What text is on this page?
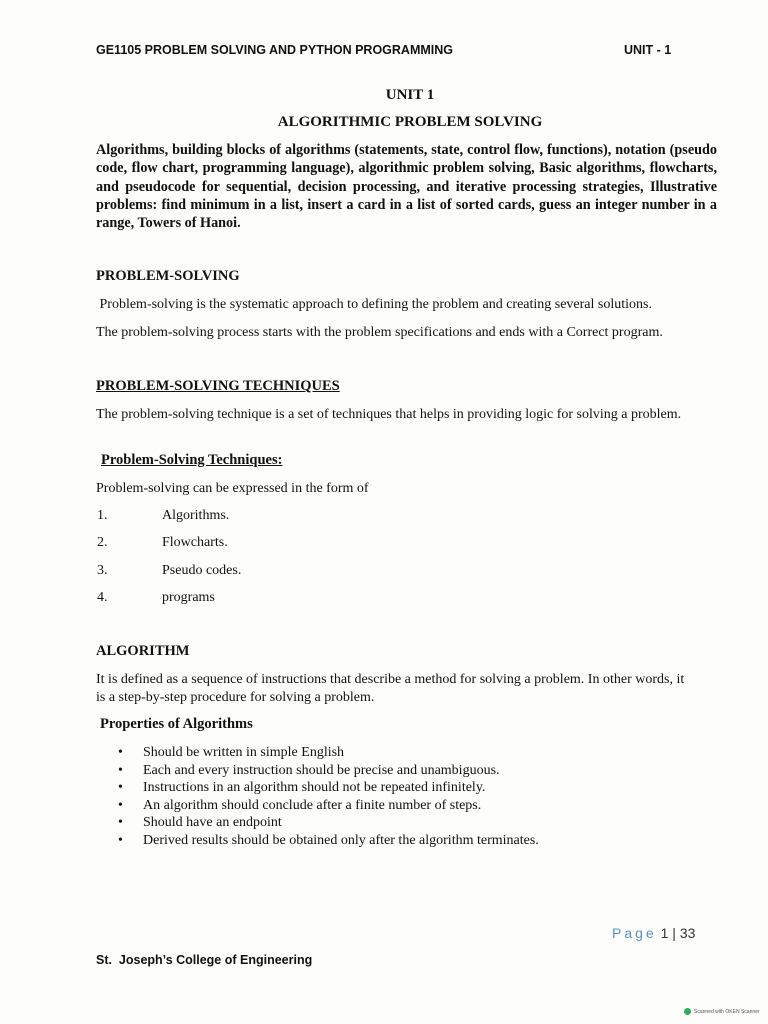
GE1105 PROBLEM SOLVING AND PYTHON PROGRAMMING	UNIT - 1
UNIT 1
ALGORITHMIC PROBLEM SOLVING
Algorithms, building blocks of algorithms (statements, state, control flow, functions), notation (pseudo code, flow chart, programming language), algorithmic problem solving, Basic algorithms, flowcharts, and pseudocode for sequential, decision processing, and iterative processing strategies, Illustrative problems: find minimum in a list, insert a card in a list of sorted cards, guess an integer number in a range, Towers of Hanoi.
PROBLEM-SOLVING
Problem-solving is the systematic approach to defining the problem and creating several solutions.
The problem-solving process starts with the problem specifications and ends with a Correct program.
PROBLEM-SOLVING TECHNIQUES
The problem-solving technique is a set of techniques that helps in providing logic for solving a problem.
Problem-Solving Techniques:
Problem-solving can be expressed in the form of
1.	Algorithms.
2.	Flowcharts.
3.	Pseudo codes.
4.	programs
ALGORITHM
It is defined as a sequence of instructions that describe a method for solving a problem. In other words, it is a step-by-step procedure for solving a problem.
Properties of Algorithms
• Should be written in simple English
• Each and every instruction should be precise and unambiguous.
• Instructions in an algorithm should not be repeated infinitely.
• An algorithm should conclude after a finite number of steps.
• Should have an endpoint
• Derived results should be obtained only after the algorithm terminates.
Page 1 | 33
St.  Joseph’s College of Engineering
Scanned with OKEN Scanner
